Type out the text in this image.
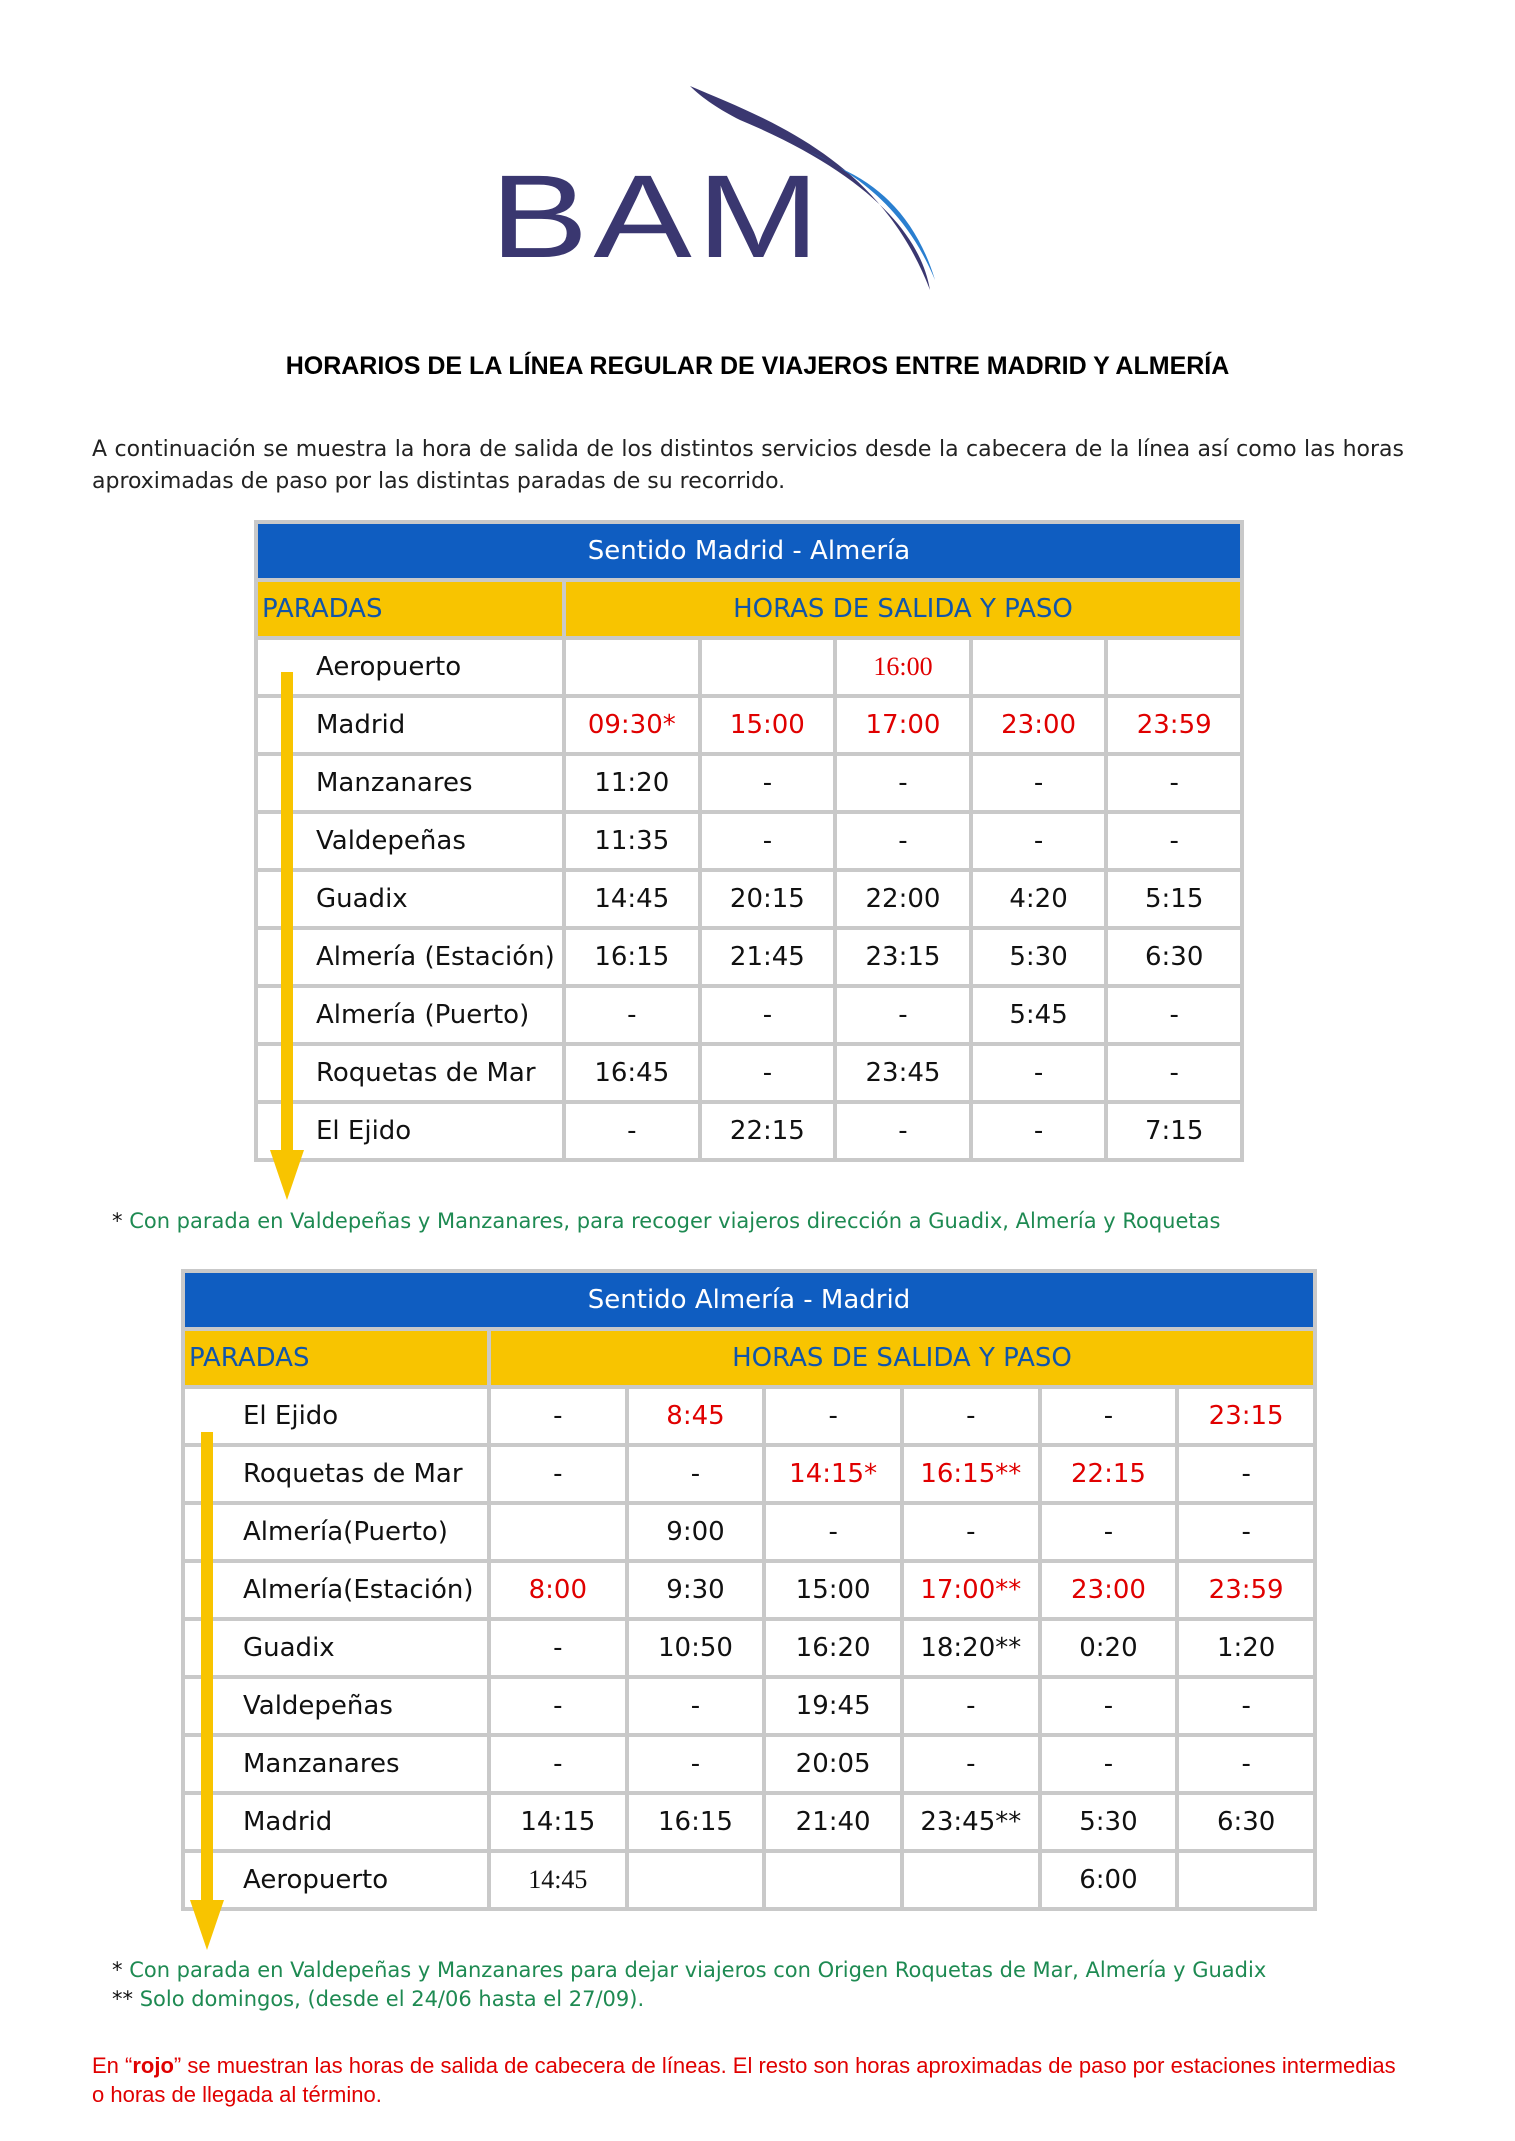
BAM
HORARIOS DE LA LÍNEA REGULAR DE VIAJEROS ENTRE MADRID Y ALMERÍA
A continuación se muestra la hora de salida de los distintos servicios desde la cabecera de la línea así como las horas aproximadas de paso por las distintas paradas de su recorrido.
Sentido Madrid - Almería					
PARADAS	HORAS DE SALIDA Y PASO				
Aeropuerto			16:00		
Madrid	09:30*	15:00	17:00	23:00	23:59
Manzanares	11:20	-	-	-	-
Valdepeñas	11:35	-	-	-	-
Guadix	14:45	20:15	22:00	4:20	5:15
Almería (Estación)	16:15	21:45	23:15	5:30	6:30
Almería (Puerto)	-	-	-	5:45	-
Roquetas de Mar	16:45	-	23:45	-	-
El Ejido	-	22:15	-	-	7:15
* Con parada en Valdepeñas y Manzanares, para recoger viajeros dirección a Guadix, Almería y Roquetas
Sentido Almería - Madrid						
PARADAS	HORAS DE SALIDA Y PASO					
El Ejido	-	8:45	-	-	-	23:15
Roquetas de Mar	-	-	14:15*	16:15**	22:15	-
Almería(Puerto)		9:00	-	-	-	-
Almería(Estación)	8:00	9:30	15:00	17:00**	23:00	23:59
Guadix	-	10:50	16:20	18:20**	0:20	1:20
Valdepeñas	-	-	19:45	-	-	-
Manzanares	-	-	20:05	-	-	-
Madrid	14:15	16:15	21:40	23:45**	5:30	6:30
Aeropuerto	14:45				6:00	
* Con parada en Valdepeñas y Manzanares para dejar viajeros con Origen Roquetas de Mar, Almería y Guadix
** Solo domingos, (desde el 24/06 hasta el 27/09).
En “rojo” se muestran las horas de salida de cabecera de líneas. El resto son horas aproximadas de paso por estaciones intermedias o horas de llegada al término.
